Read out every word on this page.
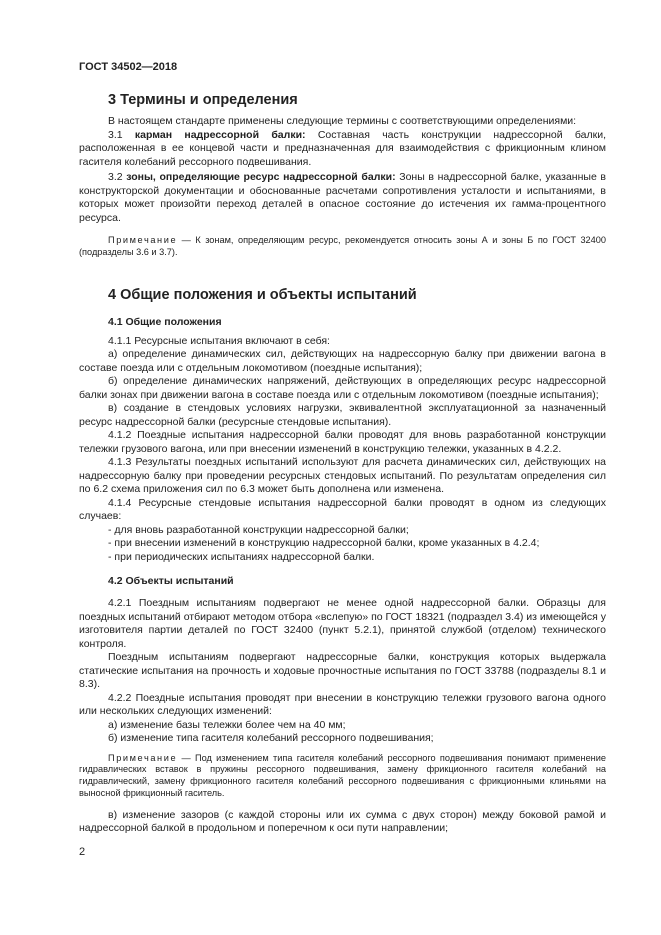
ГОСТ 34502—2018
3 Термины и определения

В настоящем стандарте применены следующие термины с соответствующими определениями:

3.1 карман надрессорной балки: Составная часть конструкции надрессорной балки, расположенная в ее концевой части и предназначенная для взаимодействия с фрикционным клином гасителя колебаний рессорного подвешивания.

3.2 зоны, определяющие ресурс надрессорной балки: Зоны в надрессорной балке, указанные в конструкторской документации и обоснованные расчетами сопротивления усталости и испытаниями, в которых может произойти переход деталей в опасное состояние до истечения их гамма-процентного ресурса.

Примечание — К зонам, определяющим ресурс, рекомендуется относить зоны А и зоны Б по ГОСТ 32400 (подразделы 3.6 и 3.7).

4 Общие положения и объекты испытаний
4.1 Общие положения

4.1.1 Ресурсные испытания включают в себя:

а) определение динамических сил, действующих на надрессорную балку при движении вагона в составе поезда или с отдельным локомотивом (поездные испытания);

б) определение динамических напряжений, действующих в определяющих ресурс надрессорной балки зонах при движении вагона в составе поезда или с отдельным локомотивом (поездные испытания);

в) создание в стендовых условиях нагрузки, эквивалентной эксплуатационной за назначенный ресурс надрессорной балки (ресурсные стендовые испытания).

4.1.2 Поездные испытания надрессорной балки проводят для вновь разработанной конструкции тележки грузового вагона, или при внесении изменений в конструкцию тележки, указанных в 4.2.2.

4.1.3 Результаты поездных испытаний используют для расчета динамических сил, действующих на надрессорную балку при проведении ресурсных стендовых испытаний. По результатам определения сил по 6.2 схема приложения сил по 6.3 может быть дополнена или изменена.

4.1.4 Ресурсные стендовые испытания надрессорной балки проводят в одном из следующих случаев:

- для вновь разработанной конструкции надрессорной балки;

- при внесении изменений в конструкцию надрессорной балки, кроме указанных в 4.2.4;

- при периодических испытаниях надрессорной балки.

4.2 Объекты испытаний

4.2.1 Поездным испытаниям подвергают не менее одной надрессорной балки. Образцы для поездных испытаний отбирают методом отбора «вслепую» по ГОСТ 18321 (подраздел 3.4) из имеющейся у изготовителя партии деталей по ГОСТ 32400 (пункт 5.2.1), принятой службой (отделом) технического контроля.

Поездным испытаниям подвергают надрессорные балки, конструкция которых выдержала статические испытания на прочность и ходовые прочностные испытания по ГОСТ 33788 (подразделы 8.1 и 8.3).

4.2.2 Поездные испытания проводят при внесении в конструкцию тележки грузового вагона одного или нескольких следующих изменений:

а) изменение базы тележки более чем на 40 мм;

б) изменение типа гасителя колебаний рессорного подвешивания;

Примечание — Под изменением типа гасителя колебаний рессорного подвешивания понимают применение гидравлических вставок в пружины рессорного подвешивания, замену фрикционного гасителя колебаний на гидравлический, замену фрикционного гасителя колебаний рессорного подвешивания с фрикционными клиньями на выносной фрикционный гаситель.

в) изменение зазоров (с каждой стороны или их сумма с двух сторон) между боковой рамой и надрессорной балкой в продольном и поперечном к оси пути направлении;

2
